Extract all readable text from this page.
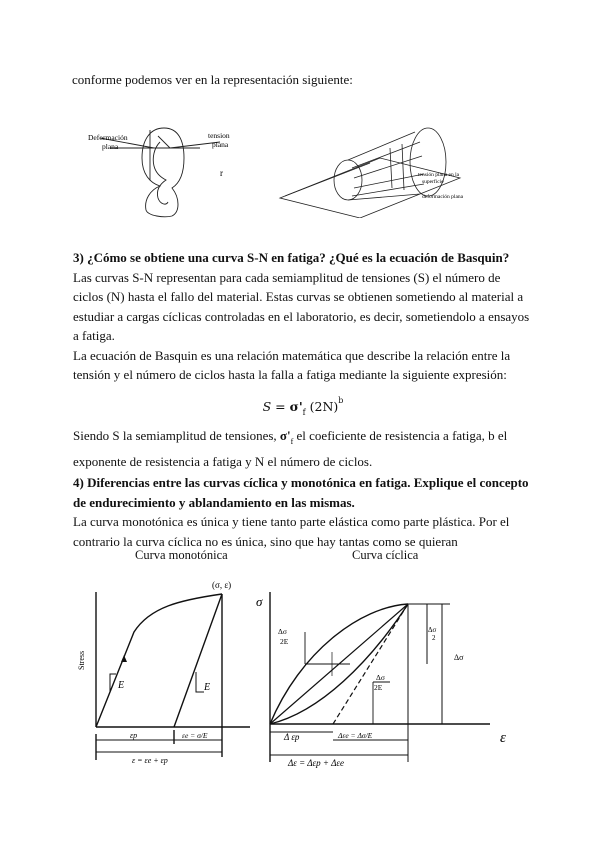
conforme podemos ver en la representación siguiente:
Deformación
plana
tension
plana
r	tensión plana en la
superficie
deformación plana
3) ¿Cómo se obtiene una curva S-N en fatiga? ¿Qué es la ecuación de Basquin?

Las curvas S-N representan para cada semiamplitud de tensiones (S) el número de ciclos (N) hasta el fallo del material. Estas curvas se obtienen sometiendo al material a estudiar a cargas cíclicas controladas en el laboratorio, es decir, sometiendolo a ensayos a fatiga.

La ecuación de Basquin es una relación matemática que describe la relación entre la tensión y el número de ciclos hasta la falla a fatiga mediante la siguiente expresión:

$S = \sigma'_f$ $(2N)^b$

Siendo S la semiamplitud de tensiones, $\sigma'_f$ el coeficiente de resistencia a fatiga, b el exponente de resistencia a fatiga y N el número de ciclos.

4) Diferencias entre las curvas cíclica y monotónica en fatiga. Explique el concepto de endurecimiento y ablandamiento en las mismas.

La curva monotónica es única y tiene tanto parte elástica como parte plástica. Por el contrario la curva cíclica no es única, sino que hay tantas como se quieran

Curva monotónica	Curva cíclica
Stress
(σ, ε)
E	E
εp	εe = σ/E
ε = εe + εp
σ
ε
Δσ
2E
Δσ
2
Δσ
2E
Δσ
Δ εp	Δεe = Δσ/E
Δε = Δεp + Δεe
